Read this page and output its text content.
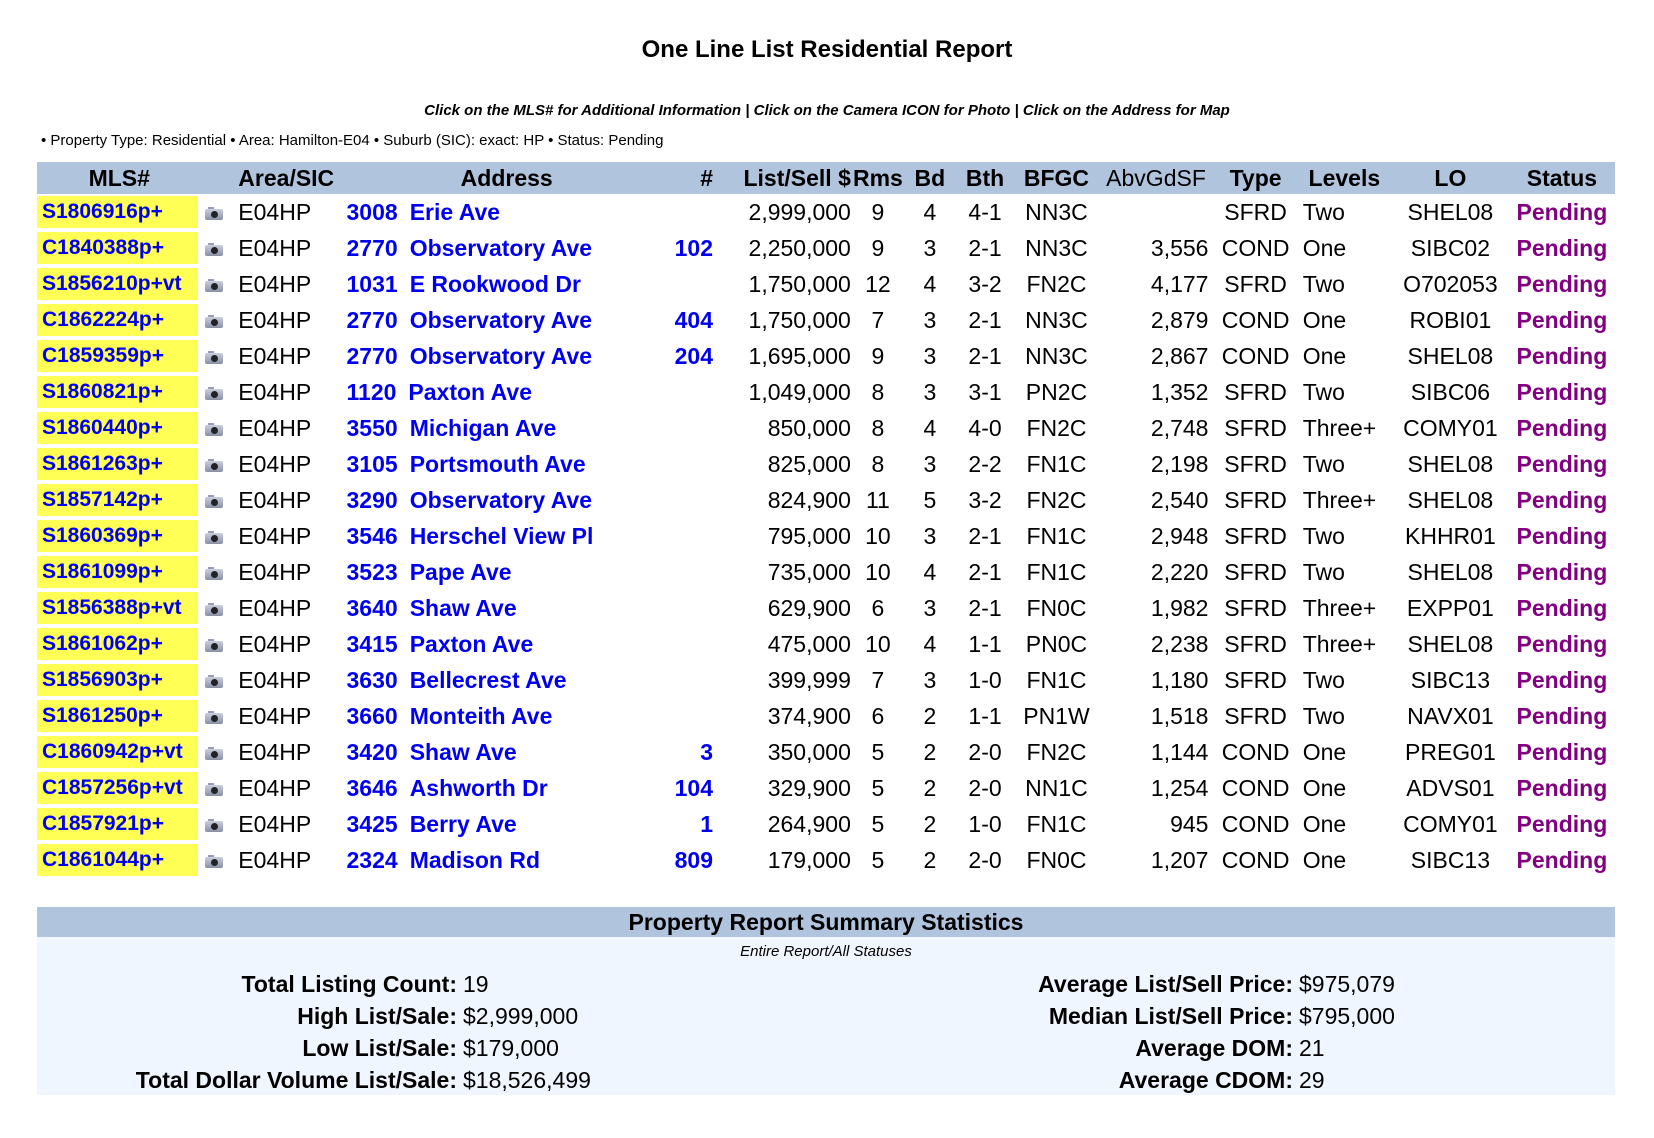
One Line List Residential Report
Click on the MLS# for Additional Information | Click on the Camera ICON for Photo | Click on the Address for Map
• Property Type: Residential • Area: Hamilton-E04 • Suburb (SIC): exact: HP • Status: Pending
MLS#		Area/SIC	Address	#	List/Sell $	Rms	Bd	Bth	BFGC	AbvGdSF	Type	Levels	LO	Status

S1806916p+		E04HP	3008 Erie Ave		2,999,000	9	4	4-1	NN3C		SFRD	Two	SHEL08	Pending

C1840388p+		E04HP	2770 Observatory Ave	102	2,250,000	9	3	2-1	NN3C	3,556	COND	One	SIBC02	Pending

S1856210p+vt		E04HP	1031 E Rookwood Dr		1,750,000	12	4	3-2	FN2C	4,177	SFRD	Two	O702053	Pending

C1862224p+		E04HP	2770 Observatory Ave	404	1,750,000	7	3	2-1	NN3C	2,879	COND	One	ROBI01	Pending

C1859359p+		E04HP	2770 Observatory Ave	204	1,695,000	9	3	2-1	NN3C	2,867	COND	One	SHEL08	Pending

S1860821p+		E04HP	1120 Paxton Ave		1,049,000	8	3	3-1	PN2C	1,352	SFRD	Two	SIBC06	Pending

S1860440p+		E04HP	3550 Michigan Ave		850,000	8	4	4-0	FN2C	2,748	SFRD	Three+	COMY01	Pending

S1861263p+		E04HP	3105 Portsmouth Ave		825,000	8	3	2-2	FN1C	2,198	SFRD	Two	SHEL08	Pending

S1857142p+		E04HP	3290 Observatory Ave		824,900	11	5	3-2	FN2C	2,540	SFRD	Three+	SHEL08	Pending

S1860369p+		E04HP	3546 Herschel View Pl		795,000	10	3	2-1	FN1C	2,948	SFRD	Two	KHHR01	Pending

S1861099p+		E04HP	3523 Pape Ave		735,000	10	4	2-1	FN1C	2,220	SFRD	Two	SHEL08	Pending

S1856388p+vt		E04HP	3640 Shaw Ave		629,900	6	3	2-1	FN0C	1,982	SFRD	Three+	EXPP01	Pending

S1861062p+		E04HP	3415 Paxton Ave		475,000	10	4	1-1	PN0C	2,238	SFRD	Three+	SHEL08	Pending

S1856903p+		E04HP	3630 Bellecrest Ave		399,999	7	3	1-0	FN1C	1,180	SFRD	Two	SIBC13	Pending

S1861250p+		E04HP	3660 Monteith Ave		374,900	6	2	1-1	PN1W	1,518	SFRD	Two	NAVX01	Pending

C1860942p+vt		E04HP	3420 Shaw Ave	3	350,000	5	2	2-0	FN2C	1,144	COND	One	PREG01	Pending

C1857256p+vt		E04HP	3646 Ashworth Dr	104	329,900	5	2	2-0	NN1C	1,254	COND	One	ADVS01	Pending

C1857921p+		E04HP	3425 Berry Ave	1	264,900	5	2	1-0	FN1C	945	COND	One	COMY01	Pending

C1861044p+		E04HP	2324 Madison Rd	809	179,000	5	2	2-0	FN0C	1,207	COND	One	SIBC13	Pending
Property Report Summary Statistics
Entire Report/All Statuses
Total Listing Count: 19
High List/Sale: $2,999,000
Low List/Sale: $179,000
Total Dollar Volume List/Sale: $18,526,499
Average List/Sell Price: $975,079
Median List/Sell Price: $795,000
Average DOM: 21
Average CDOM: 29
